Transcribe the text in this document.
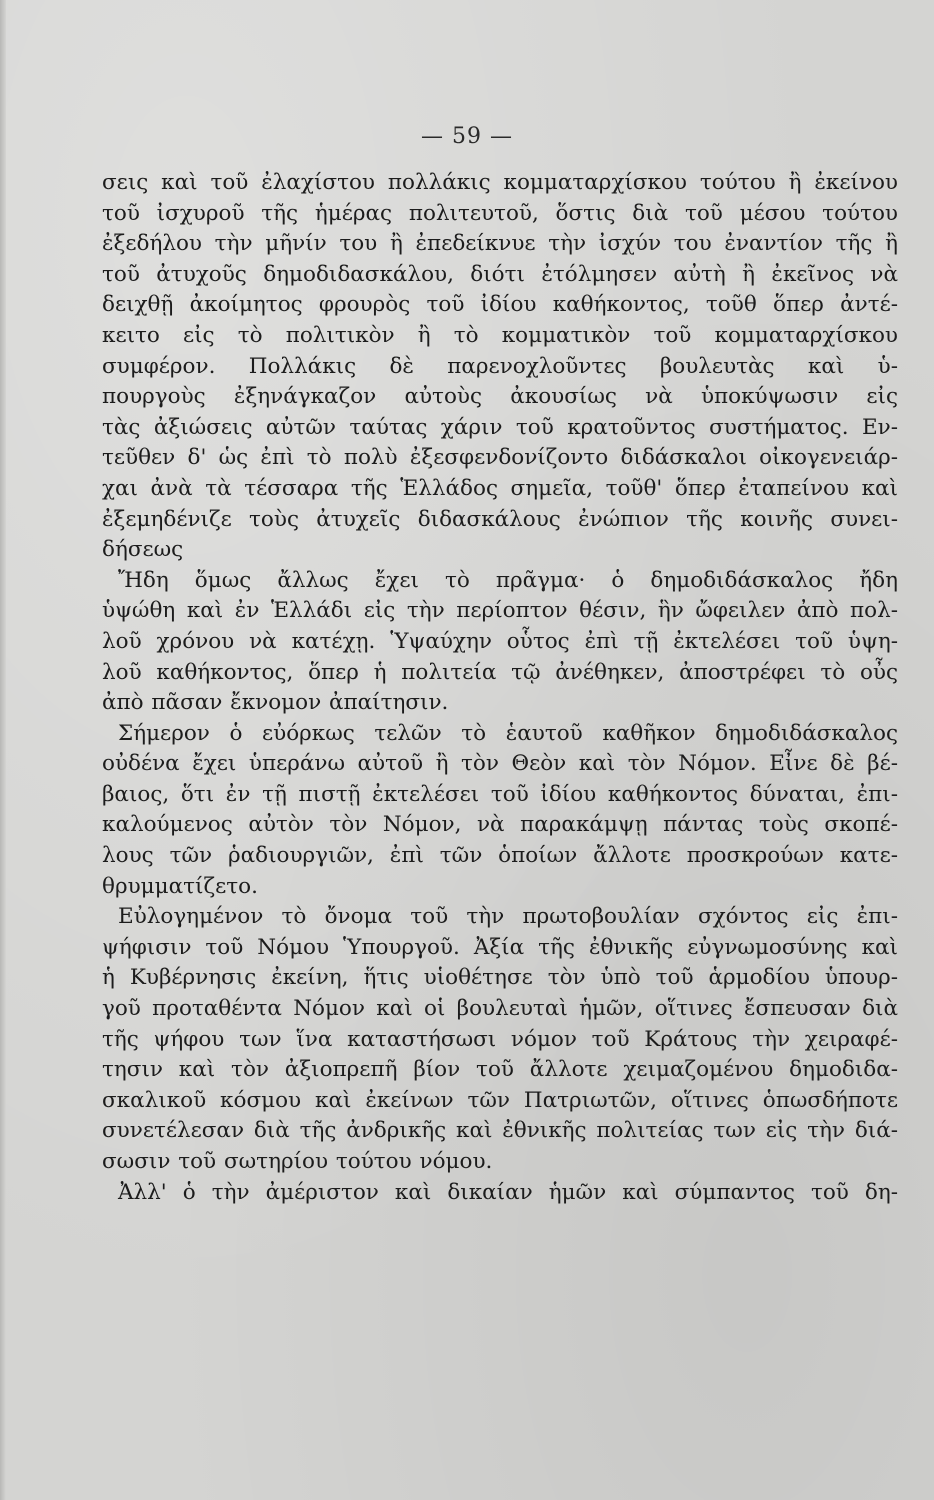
— 59 —
σεις καὶ τοῦ ἐλαχίστου πολλάκις κομματαρχίσκου τούτου ἢ ἐκείνου
τοῦ ἰσχυροῦ τῆς ἡμέρας πολιτευτοῦ, ὅστις διὰ τοῦ μέσου τούτου
ἐξεδήλου τὴν μῆνίν του ἢ ἐπεδείκνυε τὴν ἰσχύν του ἐναντίον τῆς ἢ
τοῦ ἀτυχοῦς δημοδιδασκάλου, διότι ἐτόλμησεν αὐτὴ ἢ ἐκεῖνος νὰ
δειχθῇ ἀκοίμητος φρουρὸς τοῦ ἰδίου καθήκοντος, τοῦθ ὅπερ ἀντέ-
κειτο εἰς τὸ πολιτικὸν ἢ τὸ κομματικὸν τοῦ κομματαρχίσκου
συμφέρον. Πολλάκις δὲ παρενοχλοῦντες βουλευτὰς καὶ ὑ-
πουργοὺς ἐξηνάγκαζον αὐτοὺς ἀκουσίως νὰ ὑποκύψωσιν εἰς
τὰς ἀξιώσεις αὐτῶν ταύτας χάριν τοῦ κρατοῦντος συστήματος. Εν-
τεῦθεν δ' ὡς ἐπὶ τὸ πολὺ ἐξεσφενδονίζοντο διδάσκαλοι οἰκογενειάρ-
χαι ἀνὰ τὰ τέσσαρα τῆς Ἑλλάδος σημεῖα, τοῦθ' ὅπερ ἐταπείνου καὶ
ἐξεμηδένιζε τοὺς ἀτυχεῖς διδασκάλους ἐνώπιον τῆς κοινῆς συνει-
δήσεως
Ἤδη ὅμως ἄλλως ἔχει τὸ πρᾶγμα· ὁ δημοδιδάσκαλος ἤδη
ὑψώθη καὶ ἐν Ἑλλάδι εἰς τὴν περίοπτον θέσιν, ἣν ὤφειλεν ἀπὸ πολ-
λοῦ χρόνου νὰ κατέχῃ. Ὑψαύχην οὗτος ἐπὶ τῇ ἐκτελέσει τοῦ ὑψη-
λοῦ καθήκοντος, ὅπερ ἡ πολιτεία τῷ ἀνέθηκεν, ἀποστρέφει τὸ οὖς
ἀπὸ πᾶσαν ἔκνομον ἀπαίτησιν.
Σήμερον ὁ εὐόρκως τελῶν τὸ ἑαυτοῦ καθῆκον δημοδιδάσκαλος
οὐδένα ἔχει ὑπεράνω αὐτοῦ ἢ τὸν Θεὸν καὶ τὸν Νόμον. Εἶνε δὲ βέ-
βαιος, ὅτι ἐν τῇ πιστῇ ἐκτελέσει τοῦ ἰδίου καθήκοντος δύναται, ἐπι-
καλούμενος αὐτὸν τὸν Νόμον, νὰ παρακάμψῃ πάντας τοὺς σκοπέ-
λους τῶν ῥαδιουργιῶν, ἐπὶ τῶν ὁποίων ἄλλοτε προσκρούων κατε-
θρυμματίζετο.
Εὐλογημένον τὸ ὄνομα τοῦ τὴν πρωτοβουλίαν σχόντος εἰς ἐπι-
ψήφισιν τοῦ Νόμου Ὑπουργοῦ. Ἀξία τῆς ἐθνικῆς εὐγνωμοσύνης καὶ
ἡ Κυβέρνησις ἐκείνη, ἥτις υἱοθέτησε τὸν ὑπὸ τοῦ ἁρμοδίου ὑπουρ-
γοῦ προταθέντα Νόμον καὶ οἱ βουλευταὶ ἡμῶν, οἵτινες ἔσπευσαν διὰ
τῆς ψήφου των ἵνα καταστήσωσι νόμον τοῦ Κράτους τὴν χειραφέ-
τησιν καὶ τὸν ἀξιοπρεπῆ βίον τοῦ ἄλλοτε χειμαζομένου δημοδιδα-
σκαλικοῦ κόσμου καὶ ἐκείνων τῶν Πατριωτῶν, οἵτινες ὁπωσδήποτε
συνετέλεσαν διὰ τῆς ἀνδρικῆς καὶ ἐθνικῆς πολιτείας των εἰς τὴν διά-
σωσιν τοῦ σωτηρίου τούτου νόμου.
Ἀλλ' ὁ τὴν ἀμέριστον καὶ δικαίαν ἡμῶν καὶ σύμπαντος τοῦ δη-
